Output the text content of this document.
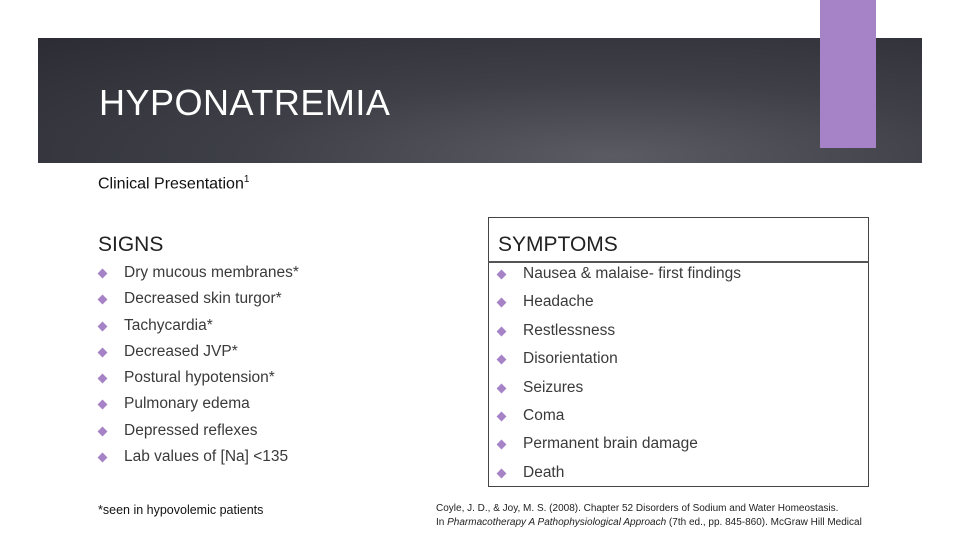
HYPONATREMIA
Clinical Presentation$^1$
SIGNS
Dry mucous membranes*
Decreased skin turgor*
Tachycardia*
Decreased JVP*
Postural hypotension*
Pulmonary edema
Depressed reflexes
Lab values of [Na] <135
SYMPTOMS
Nausea & malaise- first findings
Headache
Restlessness
Disorientation
Seizures
Coma
Permanent brain damage
Death
*seen in hypovolemic patients	Coyle, J. D., & Joy, M. S. (2008). Chapter 52 Disorders of Sodium and Water Homeostasis.
In Pharmacotherapy A Pathophysiological Approach (7th ed., pp. 845-860). McGraw Hill Medical
